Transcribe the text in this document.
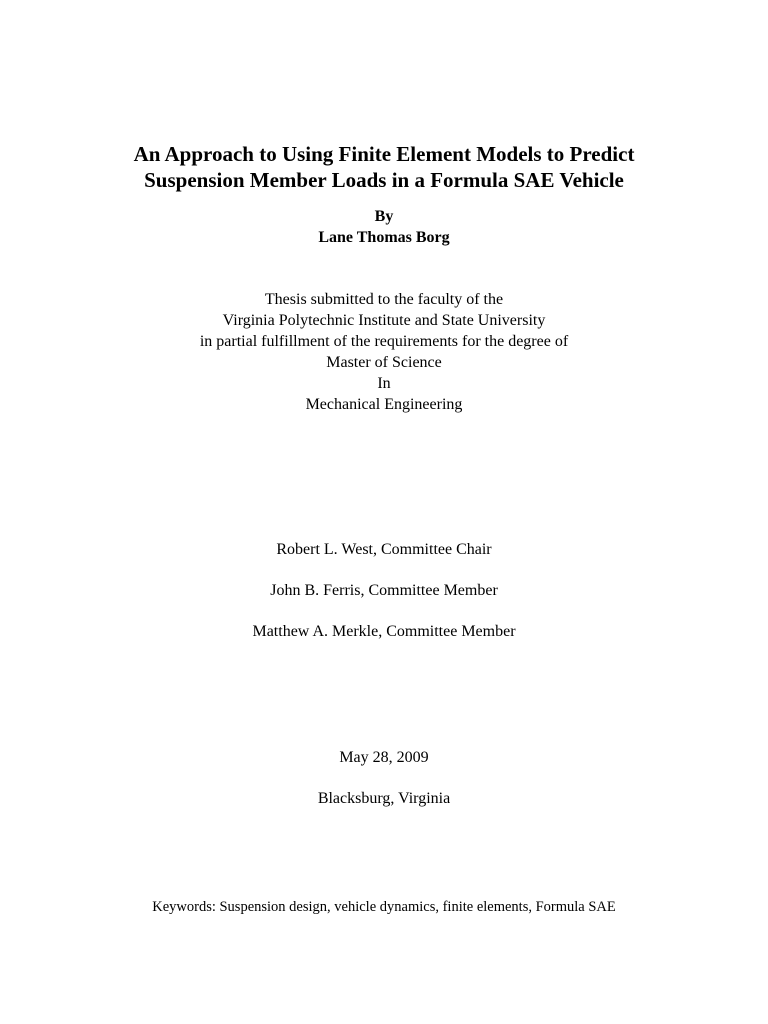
An Approach to Using Finite Element Models to Predict
Suspension Member Loads in a Formula SAE Vehicle
By
Lane Thomas Borg
Thesis submitted to the faculty of the
Virginia Polytechnic Institute and State University
in partial fulfillment of the requirements for the degree of
Master of Science
In
Mechanical Engineering
Robert L. West, Committee Chair
John B. Ferris, Committee Member
Matthew A. Merkle, Committee Member
May 28, 2009
Blacksburg, Virginia
Keywords: Suspension design, vehicle dynamics, finite elements, Formula SAE
